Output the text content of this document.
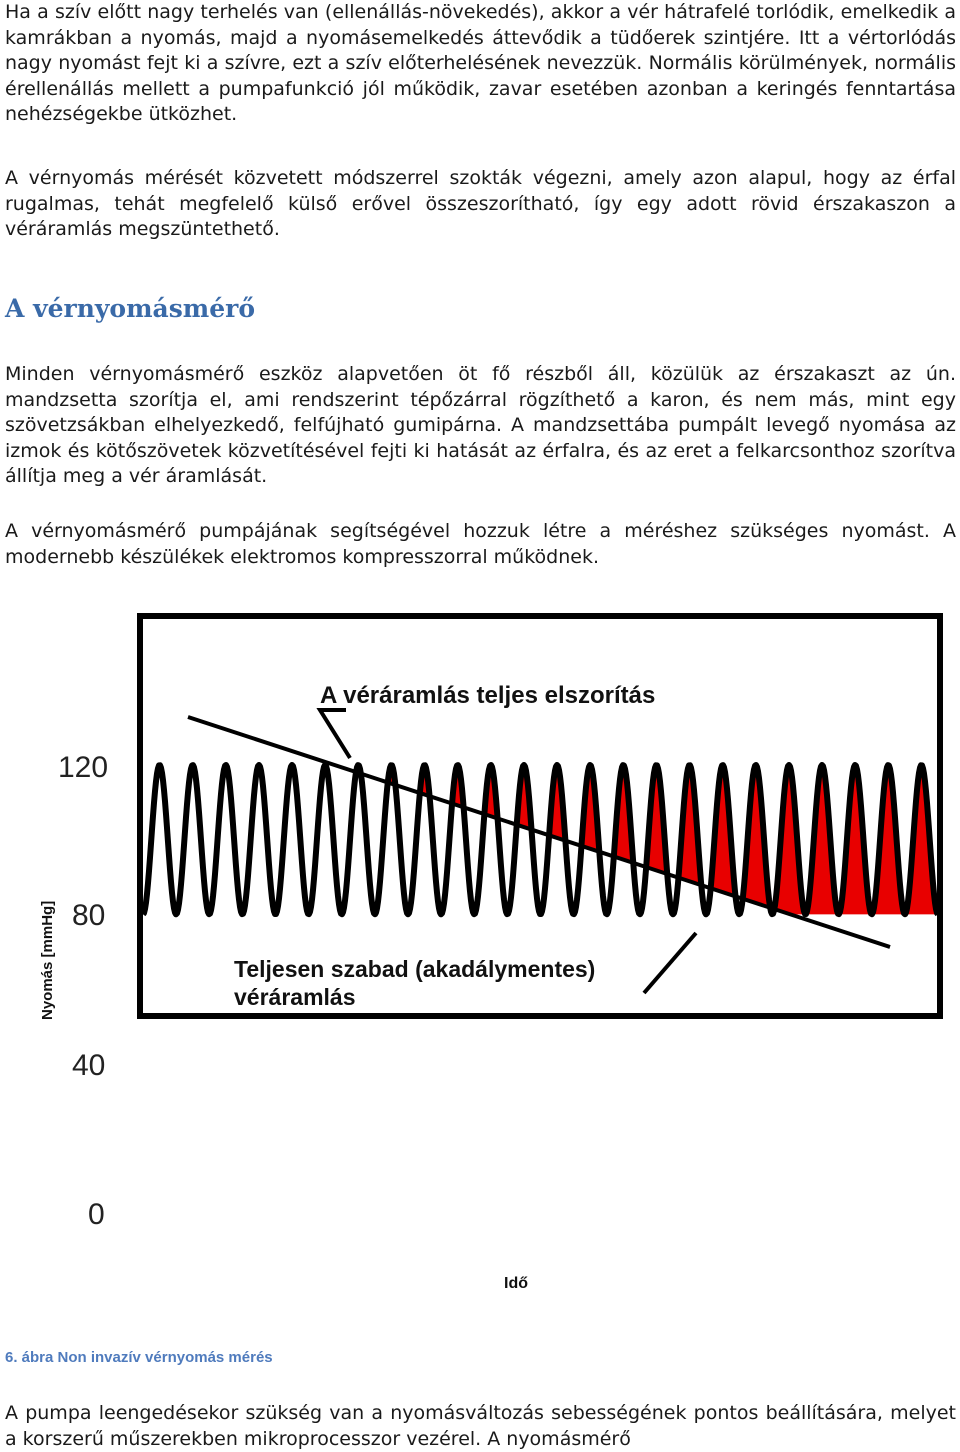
Ha a szív előtt nagy terhelés van (ellenállás-növekedés), akkor a vér hátrafelé torlódik, emelkedik a kamrákban a nyomás, majd a nyomásemelkedés áttevődik a tüdőerek szintjére. Itt a vértorlódás nagy nyomást fejt ki a szívre, ezt a szív előterhelésének nevezzük. Normális körülmények, normális érellenállás mellett a pumpafunkció jól működik, zavar esetében azonban a keringés fenntartása nehézségekbe ütközhet.

A vérnyomás mérését közvetett módszerrel szokták végezni, amely azon alapul, hogy az érfal rugalmas, tehát megfelelő külső erővel összeszorítható, így egy adott rövid érszakaszon a véráramlás megszüntethető.

A vérnyomásmérő

Minden vérnyomásmérő eszköz alapvetően öt fő részből áll, közülük az érszakaszt az ún. mandzsetta szorítja el, ami rendszerint tépőzárral rögzíthető a karon, és nem más, mint egy szövetzsákban elhelyezkedő, felfújható gumipárna. A mandzsettába pumpált levegő nyomása az izmok és kötőszövetek közvetítésével fejti ki hatását az érfalra, és az eret a felkarcsonthoz szorítva állítja meg a vér áramlását.

A vérnyomásmérő pumpájának segítségével hozzuk létre a méréshez szükséges nyomást. A modernebb készülékek elektromos kompresszorral működnek.

A véráramlás teljes elszorítás
Teljesen szabad (akadálymentes)
véráramlás
120
80
40
0
Nyomás [mmHg]
Idő

6. ábra Non invazív vérnyomás mérés

A pumpa leengedésekor szükség van a nyomásváltozás sebességének pontos beállítására, melyet a korszerű műszerekben mikroprocesszor vezérel. A nyomásmérő
